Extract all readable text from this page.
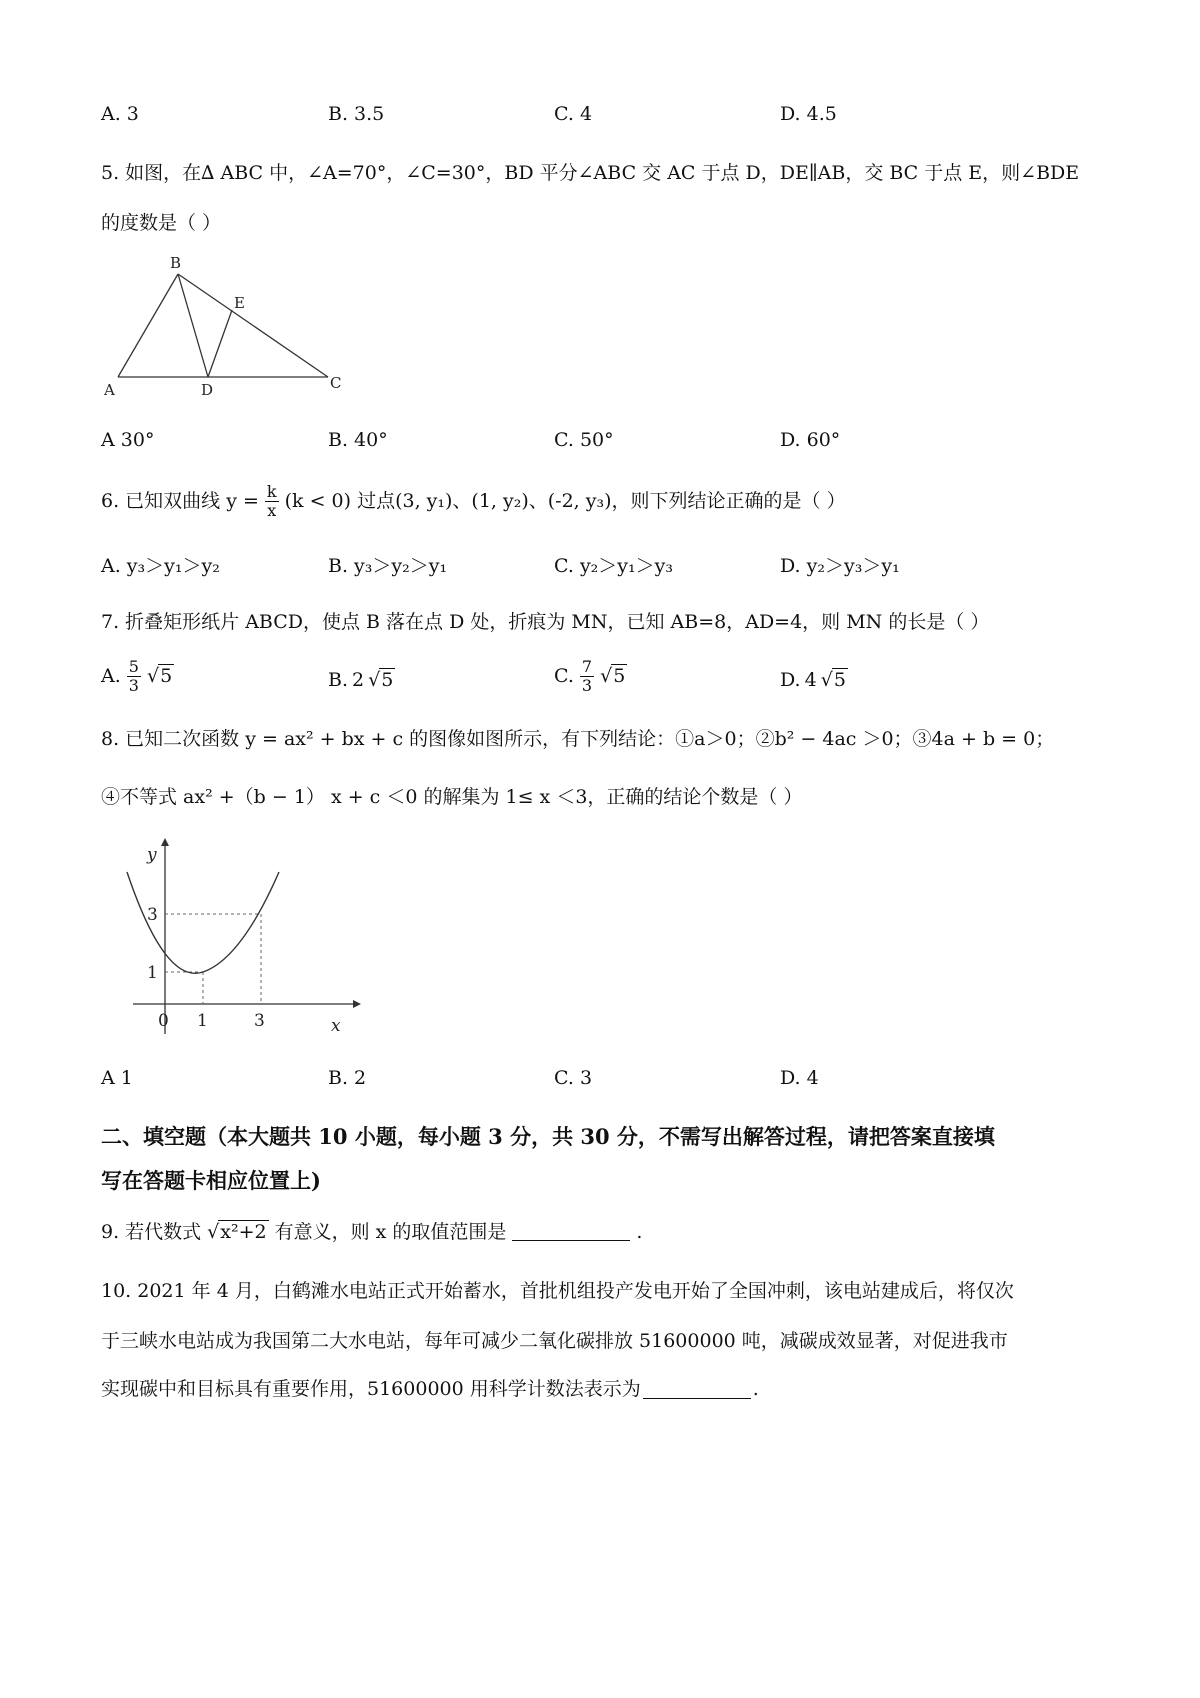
A. 3	B. 3.5	C. 4	D. 4.5
5. 如图，在∆ ABC 中，∠A=70°，∠C=30°，BD 平分∠ABC 交 AC 于点 D，DE∥AB，交 BC 于点 E，则∠BDE
的度数是（ ）
B
E
A	D	C
A 30°	B. 40°	C. 50°	D. 60°
6. 已知双曲线 $y = \frac{k}{x} (k < 0)$ 过点(3, y₁)、(1, y₂)、(-2, y₃)，则下列结论正确的是（ ）
A. y₃＞y₁＞y₂	B. y₃＞y₂＞y₁	C. y₂＞y₁＞y₃	D. y₂＞y₃＞y₁
7. 折叠矩形纸片 ABCD，使点 B 落在点 D 处，折痕为 MN，已知 AB=8，AD=4，则 MN 的长是（ ）
A. $\frac{5}{3} √5$	B. 2 √5	C. $\frac{7}{3} √5$	D. 4 √5
8. 已知二次函数 y = ax² + bx + c 的图像如图所示，有下列结论：①a＞0；②b² − 4ac ＞0；③4a + b = 0；
④不等式 ax² +（b − 1） x + c ＜0 的解集为 1≤ x ＜3，正确的结论个数是（ ）
y
x
0 1	3
1
3
A 1	B. 2	C. 3	D. 4
二、填空题（本大题共 10 小题，每小题 3 分，共 30 分，不需写出解答过程，请把答案直接填
写在答题卡相应位置上)
9. 若代数式 √x²+2 有意义，则 x 的取值范围是	.
10. 2021 年 4 月，白鹤滩水电站正式开始蓄水，首批机组投产发电开始了全国冲刺，该电站建成后，将仅次
于三峡水电站成为我国第二大水电站，每年可减少二氧化碳排放 51600000 吨，减碳成效显著，对促进我市
实现碳中和目标具有重要作用，51600000 用科学计数法表示为	.
